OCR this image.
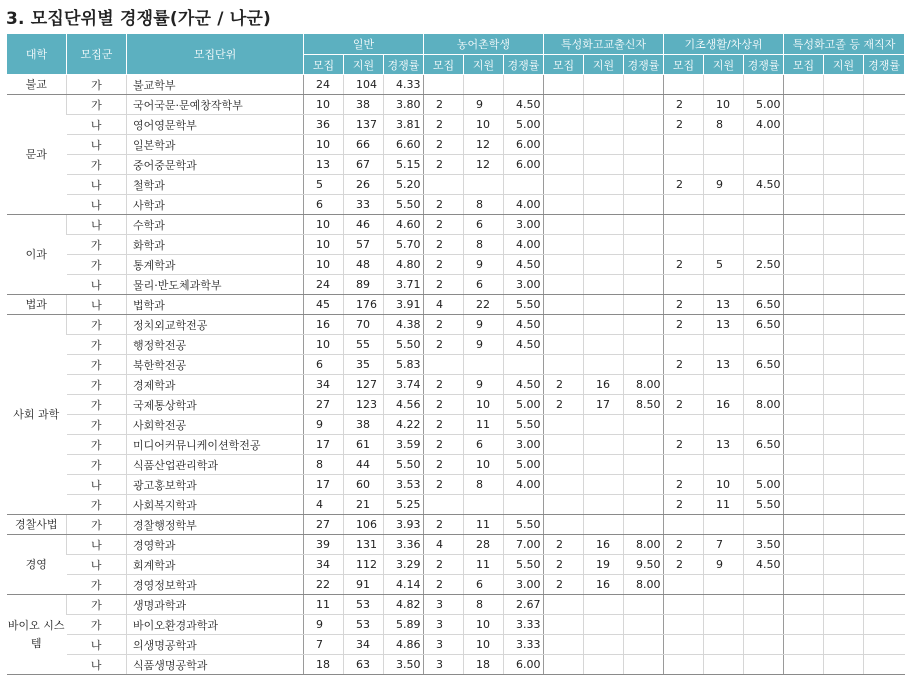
3. 모집단위별 경쟁률(가군 / 나군)
대학	모집군	모집단위	일반			농어촌학생			특성화고교출신자			기초생활/차상위			특성화고졸 등 재직자		
			모집	지원	경쟁률	모집	지원	경쟁률	모집	지원	경쟁률	모집	지원	경쟁률	모집	지원	경쟁률
불교	가	불교학부	24	104	4.33												
문과	가	국어국문·문예창작학부	10	38	3.80	2	9	4.50				2	10	5.00			
	나	영어영문학부	36	137	3.81	2	10	5.00				2	8	4.00			
	나	일본학과	10	66	6.60	2	12	6.00									
	가	중어중문학과	13	67	5.15	2	12	6.00									
	나	철학과	5	26	5.20							2	9	4.50			
	나	사학과	6	33	5.50	2	8	4.00									
이과	나	수학과	10	46	4.60	2	6	3.00									
	가	화학과	10	57	5.70	2	8	4.00									
	가	통계학과	10	48	4.80	2	9	4.50				2	5	2.50			
	나	물리·반도체과학부	24	89	3.71	2	6	3.00									
법과	나	법학과	45	176	3.91	4	22	5.50				2	13	6.50			
사회 과학	가	정치외교학전공	16	70	4.38	2	9	4.50				2	13	6.50			
	가	행정학전공	10	55	5.50	2	9	4.50									
	가	북한학전공	6	35	5.83							2	13	6.50			
	가	경제학과	34	127	3.74	2	9	4.50	2	16	8.00						
	가	국제통상학과	27	123	4.56	2	10	5.00	2	17	8.50	2	16	8.00			
	가	사회학전공	9	38	4.22	2	11	5.50									
	가	미디어커뮤니케이션학전공	17	61	3.59	2	6	3.00				2	13	6.50			
	가	식품산업관리학과	8	44	5.50	2	10	5.00									
	나	광고홍보학과	17	60	3.53	2	8	4.00				2	10	5.00			
	가	사회복지학과	4	21	5.25							2	11	5.50			
경찰사법	가	경찰행정학부	27	106	3.93	2	11	5.50									
경영	나	경영학과	39	131	3.36	4	28	7.00	2	16	8.00	2	7	3.50			
	나	회계학과	34	112	3.29	2	11	5.50	2	19	9.50	2	9	4.50			
	가	경영정보학과	22	91	4.14	2	6	3.00	2	16	8.00						
바이오 시스템	가	생명과학과	11	53	4.82	3	8	2.67									
	가	바이오환경과학과	9	53	5.89	3	10	3.33									
	나	의생명공학과	7	34	4.86	3	10	3.33									
	나	식품생명공학과	18	63	3.50	3	18	6.00									
